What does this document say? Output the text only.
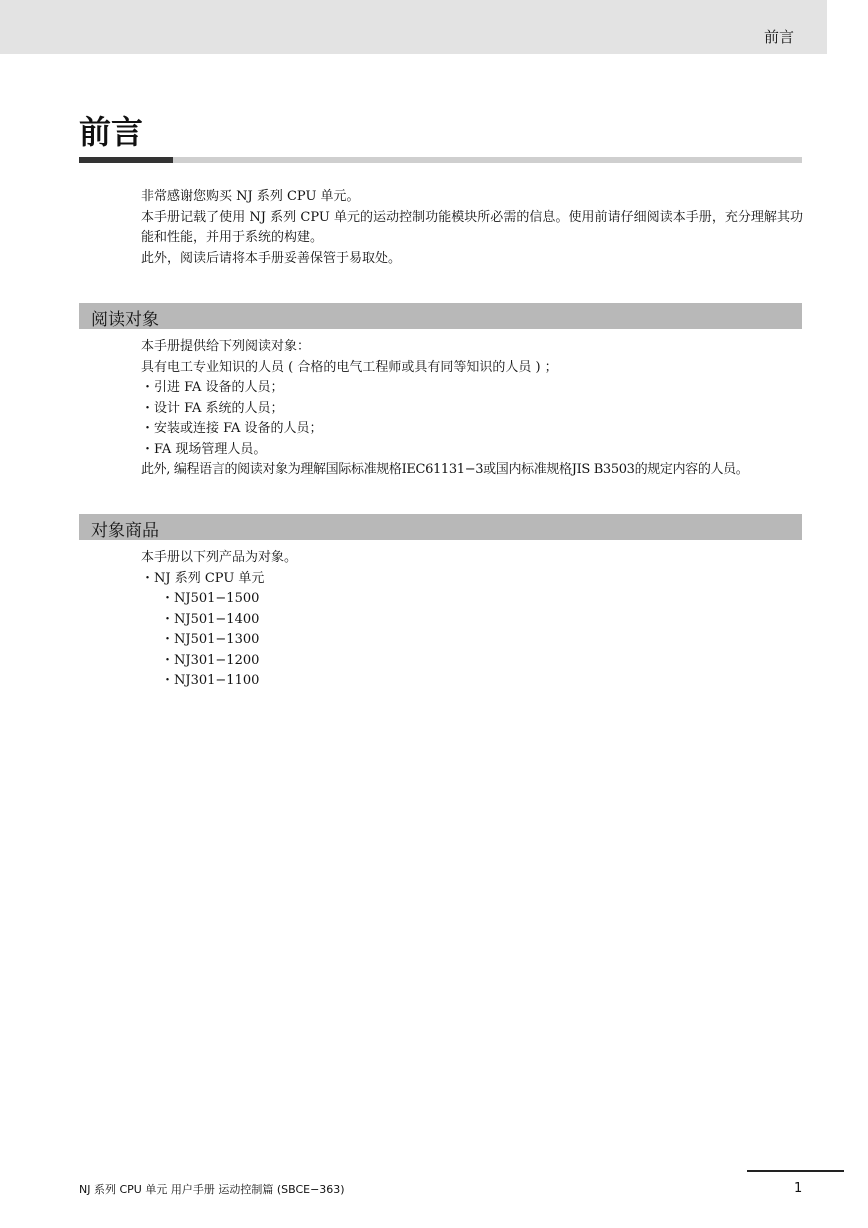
前言
前言
非常感谢您购买 NJ 系列 CPU 单元。
本手册记载了使用 NJ 系列 CPU 单元的运动控制功能模块所必需的信息。使用前请仔细阅读本手册，充分理解其功能和性能，并用于系统的构建。
此外，阅读后请将本手册妥善保管于易取处。
阅读对象
本手册提供给下列阅读对象：
具有电工专业知识的人员 ( 合格的电气工程师或具有同等知识的人员 ) ；
・引进 FA 设备的人员；
・设计 FA 系统的人员；
・安装或连接 FA 设备的人员；
・FA 现场管理人员。
此外, 编程语言的阅读对象为理解国际标准规格IEC61131−3或国内标准规格JIS B3503的规定内容的人员。
对象商品
本手册以下列产品为对象。
・NJ 系列 CPU 单元
・NJ501−1500
・NJ501−1400
・NJ501−1300
・NJ301−1200
・NJ301−1100
NJ 系列 CPU 单元 用户手册 运动控制篇 (SBCE−363)	1
